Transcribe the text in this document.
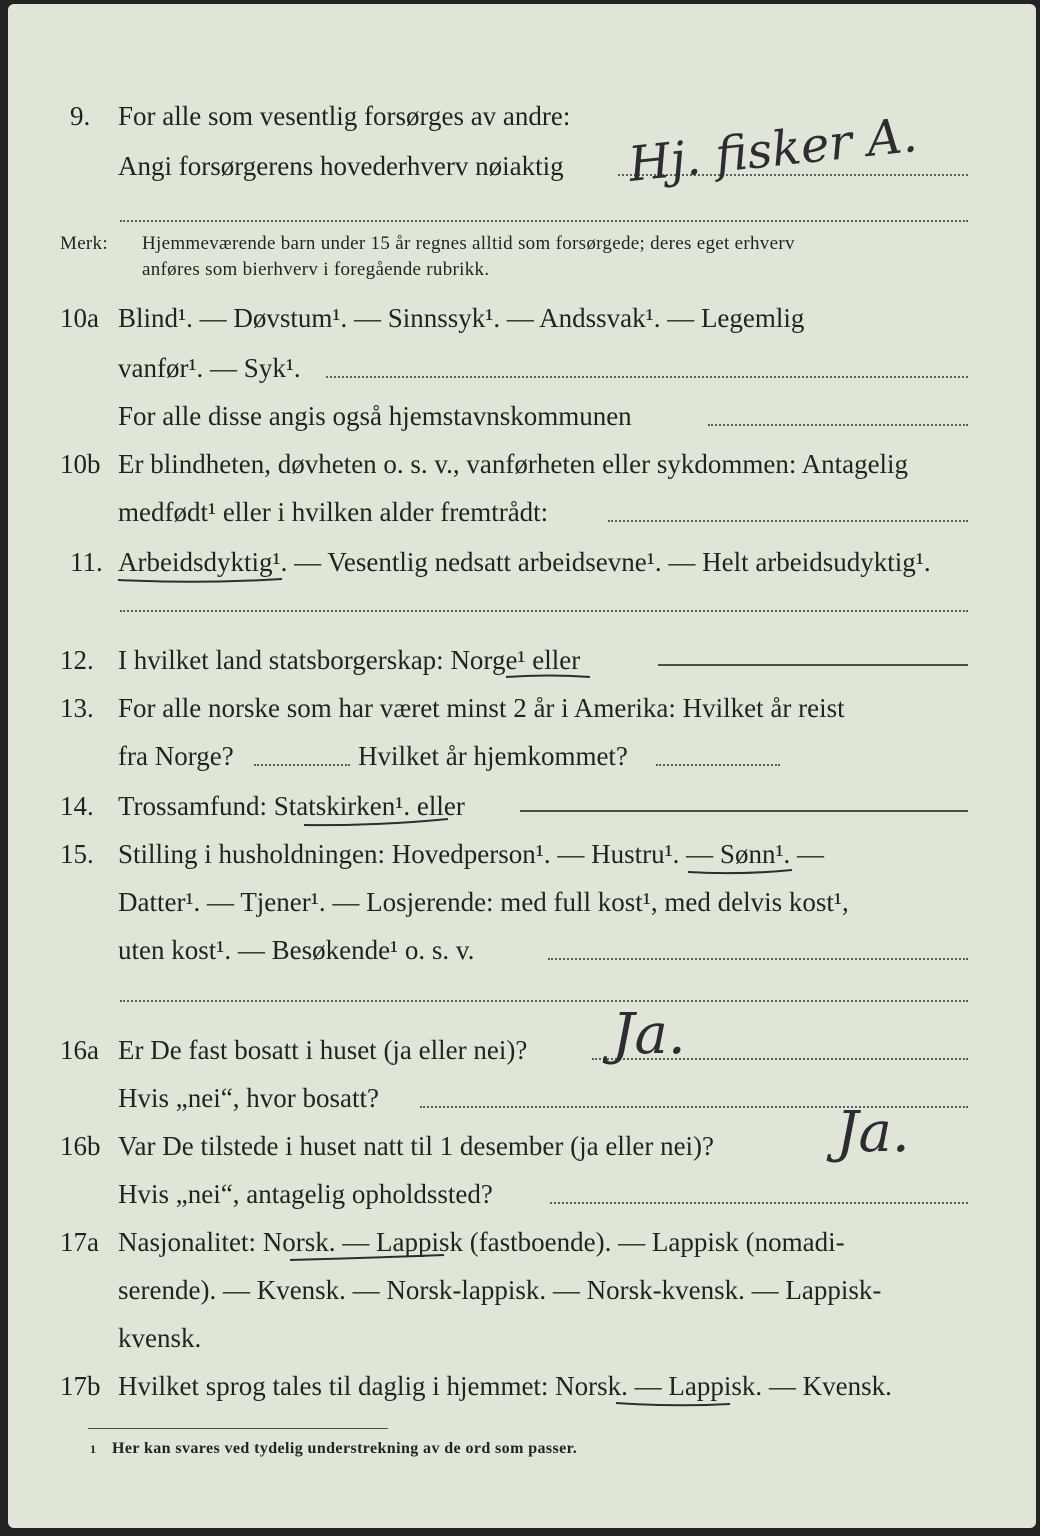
9. For alle som vesentlig forsørges av andre:
Angi forsørgerens hovederhverv nøiaktig Hj. fisker A.
Merk: Hjemmeværende barn under 15 år regnes alltid som forsørgede; deres eget erhverv
anføres som bierhverv i foregående rubrikk.
10a Blind¹. — Døvstum¹. — Sinnssyk¹. — Andssvak¹. — Legemlig
vanfør¹. — Syk¹.
For alle disse angis også hjemstavnskommunen
10b Er blindheten, døvheten o. s. v., vanførheten eller sykdommen: Antagelig
medfødt¹ eller i hvilken alder fremtrådt:
11. Arbeidsdyktig¹. — Vesentlig nedsatt arbeidsevne¹. — Helt arbeidsudyktig¹.
12. I hvilket land statsborgerskap: Norge¹ eller
13. For alle norske som har været minst 2 år i Amerika: Hvilket år reist
fra Norge?	Hvilket år hjemkommet?
14. Trossamfund: Statskirken¹. eller
15. Stilling i husholdningen: Hovedperson¹. — Hustru¹. — Sønn¹. —
Datter¹. — Tjener¹. — Losjerende: med full kost¹, med delvis kost¹,
uten kost¹. — Besøkende¹ o. s. v.
16a Er De fast bosatt i huset (ja eller nei)? Ja.
Hvis „nei“, hvor bosatt?
16b Var De tilstede i huset natt til 1 desember (ja eller nei)? Ja.
Hvis „nei“, antagelig opholdssted?
17a Nasjonalitet: Norsk. — Lappisk (fastboende). — Lappisk (nomadi-
serende). — Kvensk. — Norsk-lappisk. — Norsk-kvensk. — Lappisk-
kvensk.
17b Hvilket sprog tales til daglig i hjemmet: Norsk. — Lappisk. — Kvensk.
1 Her kan svares ved tydelig understrekning av de ord som passer.
